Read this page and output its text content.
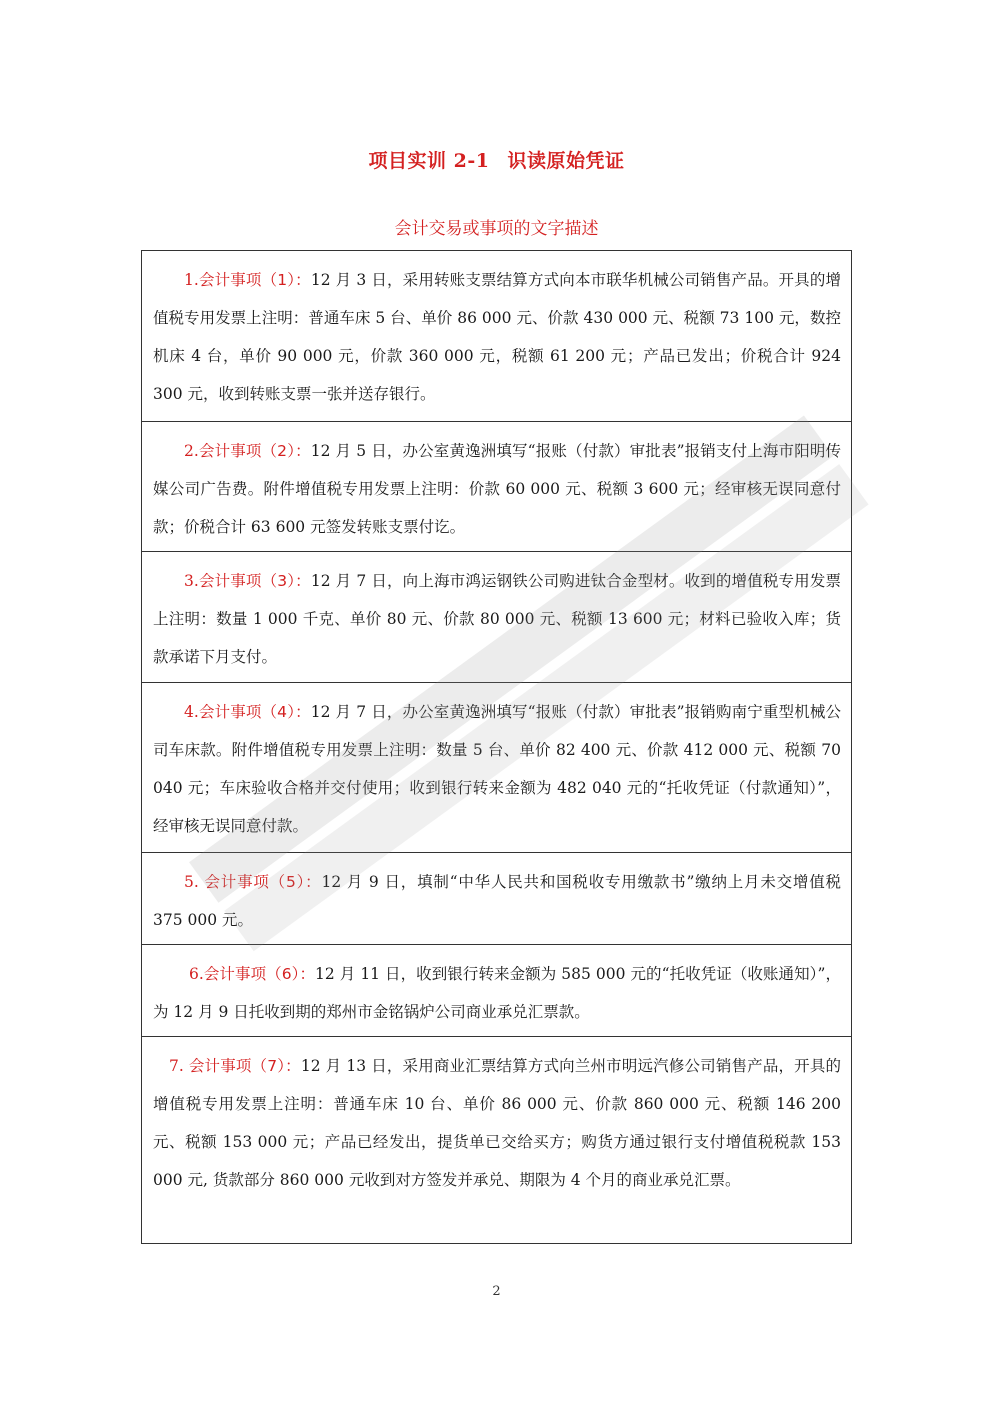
项目实训 2-1 识读原始凭证
会计交易或事项的文字描述
1.会计事项（1）：12 月 3 日，采用转账支票结算方式向本市联华机械公司销售产品。开具的增值税专用发票上注明：普通车床 5 台、单价 86 000 元、价款 430 000 元、税额 73 100 元，数控机床 4 台，单价 90 000 元，价款 360 000 元，税额 61 200 元；产品已发出；价税合计 924 300 元，收到转账支票一张并送存银行。
2.会计事项（2）：12 月 5 日，办公室黄逸洲填写“报账（付款）审批表”报销支付上海市阳明传媒公司广告费。附件增值税专用发票上注明：价款 60 000 元、税额 3 600 元；经审核无误同意付款；价税合计 63 600 元签发转账支票付讫。
3.会计事项（3）：12 月 7 日，向上海市鸿运钢铁公司购进钛合金型材。收到的增值税专用发票上注明：数量 1 000 千克、单价 80 元、价款 80 000 元、税额 13 600 元；材料已验收入库；货款承诺下月支付。
4.会计事项（4）：12 月 7 日，办公室黄逸洲填写“报账（付款）审批表”报销购南宁重型机械公司车床款。附件增值税专用发票上注明：数量 5 台、单价 82 400 元、价款 412 000 元、税额 70 040 元；车床验收合格并交付使用；收到银行转来金额为 482 040 元的“托收凭证（付款通知）”，经审核无误同意付款。
5. 会计事项（5）：12 月 9 日，填制“中华人民共和国税收专用缴款书”缴纳上月未交增值税 375 000 元。
6.会计事项（6）：12 月 11 日，收到银行转来金额为 585 000 元的“托收凭证（收账通知）”，为 12 月 9 日托收到期的郑州市金铭锅炉公司商业承兑汇票款。
7. 会计事项（7）：12 月 13 日，采用商业汇票结算方式向兰州市明远汽修公司销售产品，开具的增值税专用发票上注明：普通车床 10 台、单价 86 000 元、价款 860 000 元、税额 146 200 元、税额 153 000 元；产品已经发出，提货单已交给买方；购货方通过银行支付增值税税款 153 000 元, 货款部分 860 000 元收到对方签发并承兑、期限为 4 个月的商业承兑汇票。
2
